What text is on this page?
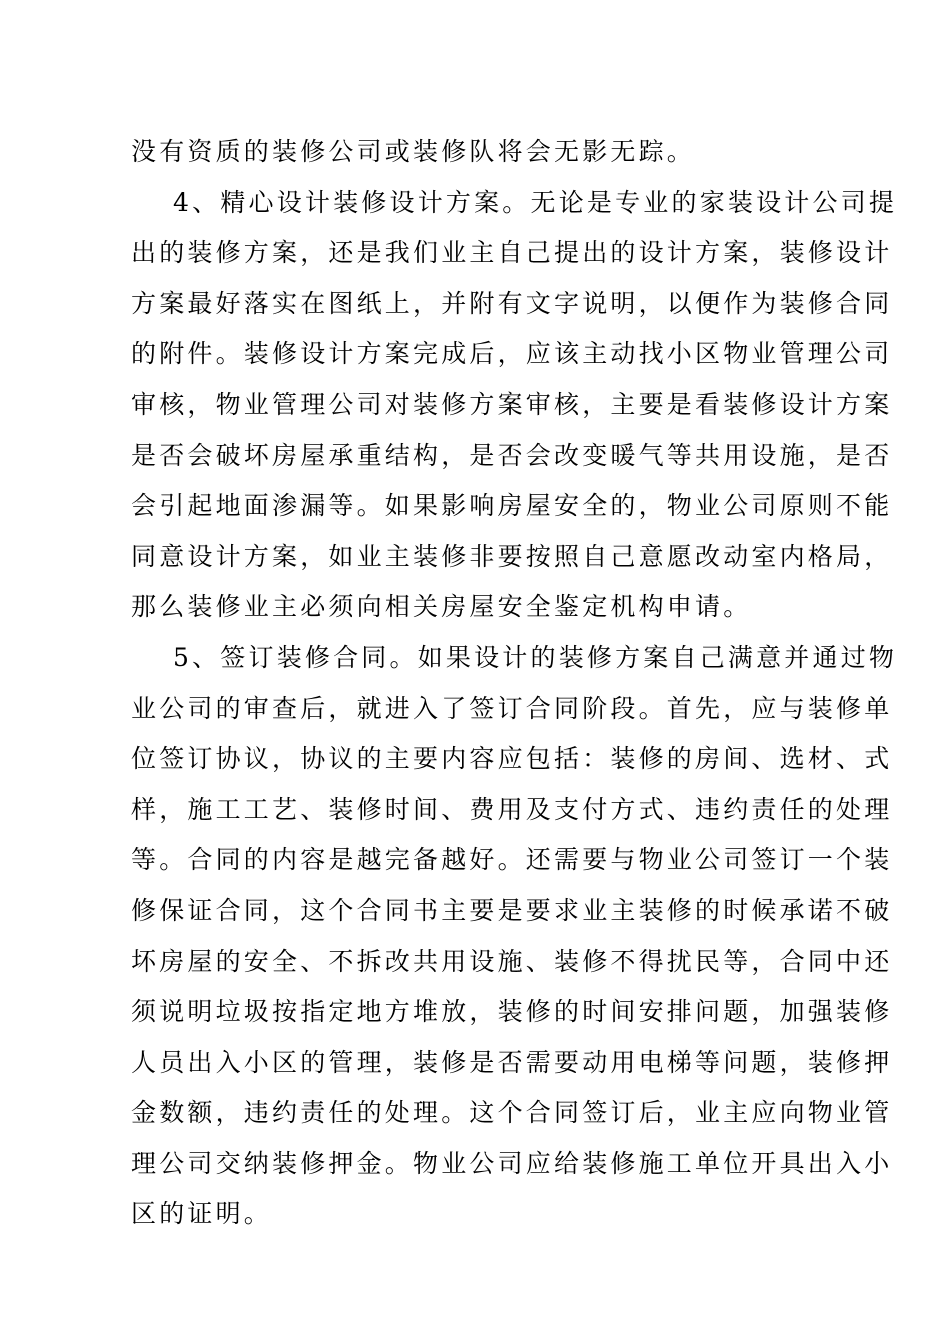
没有资质的装修公司或装修队将会无影无踪。
4、精心设计装修设计方案。无论是专业的家装设计公司提
出的装修方案，还是我们业主自己提出的设计方案，装修设计
方案最好落实在图纸上，并附有文字说明，以便作为装修合同
的附件。装修设计方案完成后，应该主动找小区物业管理公司
审核，物业管理公司对装修方案审核，主要是看装修设计方案
是否会破坏房屋承重结构，是否会改变暖气等共用设施，是否
会引起地面渗漏等。如果影响房屋安全的，物业公司原则不能
同意设计方案，如业主装修非要按照自己意愿改动室内格局，
那么装修业主必须向相关房屋安全鉴定机构申请。
5、签订装修合同。如果设计的装修方案自己满意并通过物
业公司的审查后，就进入了签订合同阶段。首先，应与装修单
位签订协议，协议的主要内容应包括：装修的房间、选材、式
样，施工工艺、装修时间、费用及支付方式、违约责任的处理
等。合同的内容是越完备越好。还需要与物业公司签订一个装
修保证合同，这个合同书主要是要求业主装修的时候承诺不破
坏房屋的安全、不拆改共用设施、装修不得扰民等，合同中还
须说明垃圾按指定地方堆放，装修的时间安排问题，加强装修
人员出入小区的管理，装修是否需要动用电梯等问题，装修押
金数额，违约责任的处理。这个合同签订后，业主应向物业管
理公司交纳装修押金。物业公司应给装修施工单位开具出入小
区的证明。
